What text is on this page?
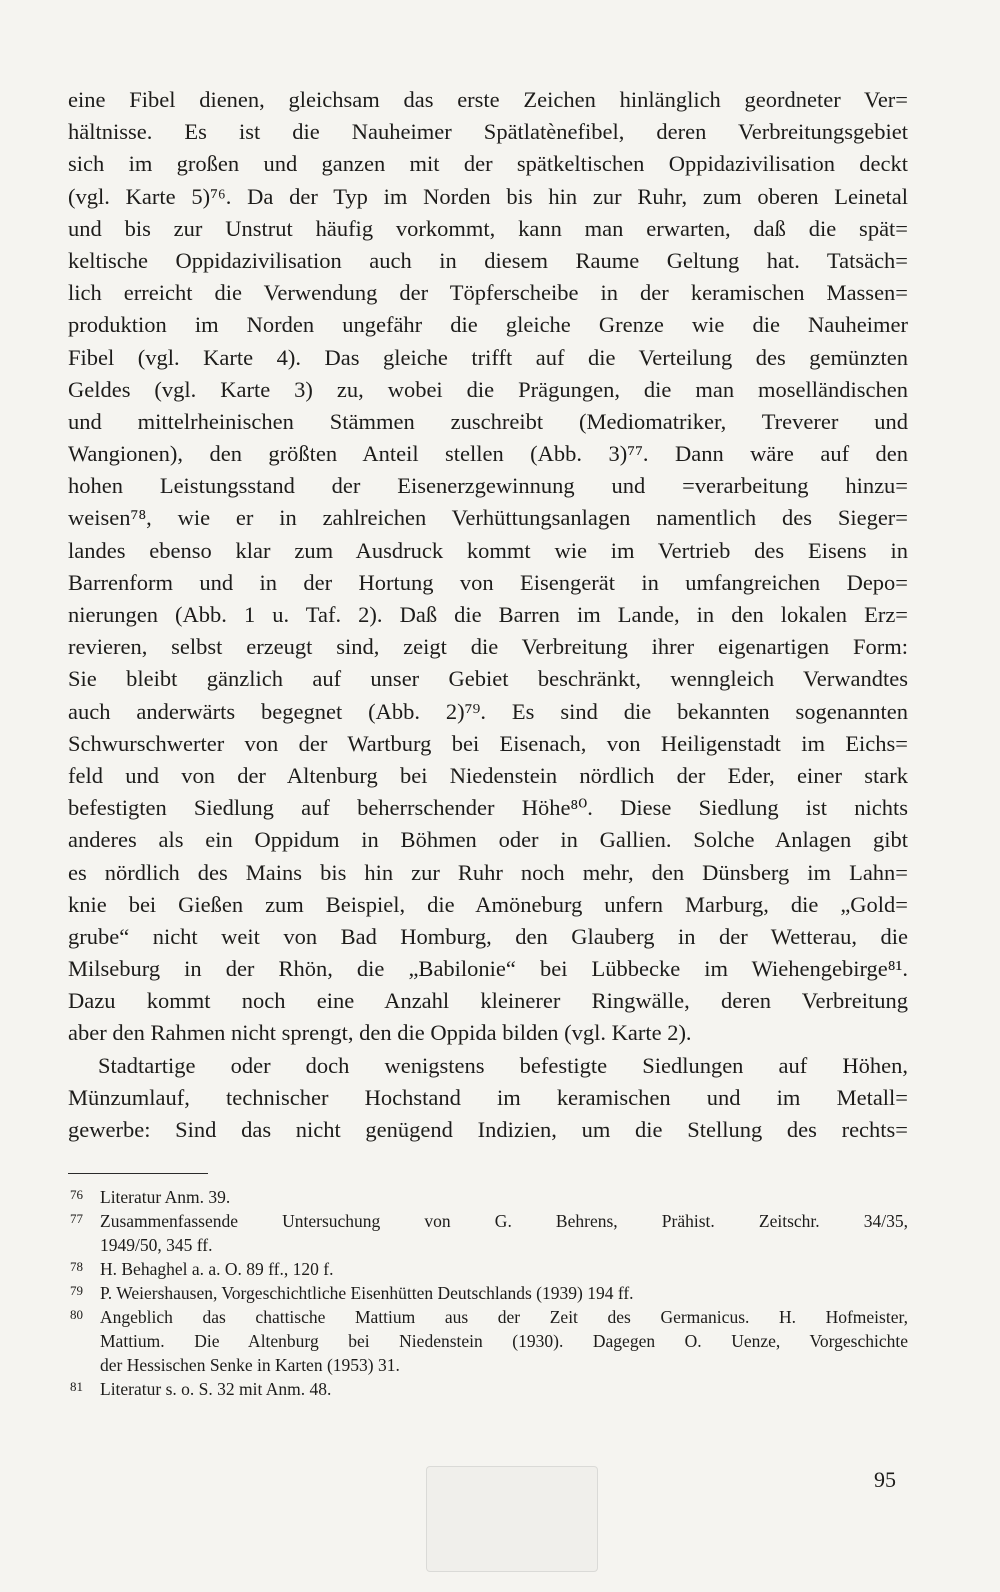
eine Fibel dienen, gleichsam das erste Zeichen hinlänglich geordneter Ver=
hältnisse. Es ist die Nauheimer Spätlatènefibel, deren Verbreitungsgebiet
sich im großen und ganzen mit der spätkeltischen Oppidazivilisation deckt
(vgl. Karte 5)⁷⁶. Da der Typ im Norden bis hin zur Ruhr, zum oberen Leinetal
und bis zur Unstrut häufig vorkommt, kann man erwarten, daß die spät=
keltische Oppidazivilisation auch in diesem Raume Geltung hat. Tatsäch=
lich erreicht die Verwendung der Töpferscheibe in der keramischen Massen=
produktion im Norden ungefähr die gleiche Grenze wie die Nauheimer
Fibel (vgl. Karte 4). Das gleiche trifft auf die Verteilung des gemünzten
Geldes (vgl. Karte 3) zu, wobei die Prägungen, die man moselländischen
und mittelrheinischen Stämmen zuschreibt (Mediomatriker, Treverer und
Wangionen), den größten Anteil stellen (Abb. 3)⁷⁷. Dann wäre auf den
hohen Leistungsstand der Eisenerzgewinnung und =verarbeitung hinzu=
weisen⁷⁸, wie er in zahlreichen Verhüttungsanlagen namentlich des Sieger=
landes ebenso klar zum Ausdruck kommt wie im Vertrieb des Eisens in
Barrenform und in der Hortung von Eisengerät in umfangreichen Depo=
nierungen (Abb. 1 u. Taf. 2). Daß die Barren im Lande, in den lokalen Erz=
revieren, selbst erzeugt sind, zeigt die Verbreitung ihrer eigenartigen Form:
Sie bleibt gänzlich auf unser Gebiet beschränkt, wenngleich Verwandtes
auch anderwärts begegnet (Abb. 2)⁷⁹. Es sind die bekannten sogenannten
Schwurschwerter von der Wartburg bei Eisenach, von Heiligenstadt im Eichs=
feld und von der Altenburg bei Niedenstein nördlich der Eder, einer stark
befestigten Siedlung auf beherrschender Höhe⁸⁰. Diese Siedlung ist nichts
anderes als ein Oppidum in Böhmen oder in Gallien. Solche Anlagen gibt
es nördlich des Mains bis hin zur Ruhr noch mehr, den Dünsberg im Lahn=
knie bei Gießen zum Beispiel, die Amöneburg unfern Marburg, die „Gold=
grube“ nicht weit von Bad Homburg, den Glauberg in der Wetterau, die
Milseburg in der Rhön, die „Babilonie“ bei Lübbecke im Wiehengebirge⁸¹.
Dazu kommt noch eine Anzahl kleinerer Ringwälle, deren Verbreitung
aber den Rahmen nicht sprengt, den die Oppida bilden (vgl. Karte 2).
Stadtartige oder doch wenigstens befestigte Siedlungen auf Höhen,
Münzumlauf, technischer Hochstand im keramischen und im Metall=
gewerbe: Sind das nicht genügend Indizien, um die Stellung des rechts=
76 Literatur Anm. 39.
77 Zusammenfassende Untersuchung von G. Behrens, Prähist. Zeitschr. 34/35,
1949/50, 345 ff.
78 H. Behaghel a. a. O. 89 ff., 120 f.
79 P. Weiershausen, Vorgeschichtliche Eisenhütten Deutschlands (1939) 194 ff.
80 Angeblich das chattische Mattium aus der Zeit des Germanicus. H. Hofmeister,
Mattium. Die Altenburg bei Niedenstein (1930). Dagegen O. Uenze, Vorgeschichte
der Hessischen Senke in Karten (1953) 31.
81 Literatur s. o. S. 32 mit Anm. 48.
95
